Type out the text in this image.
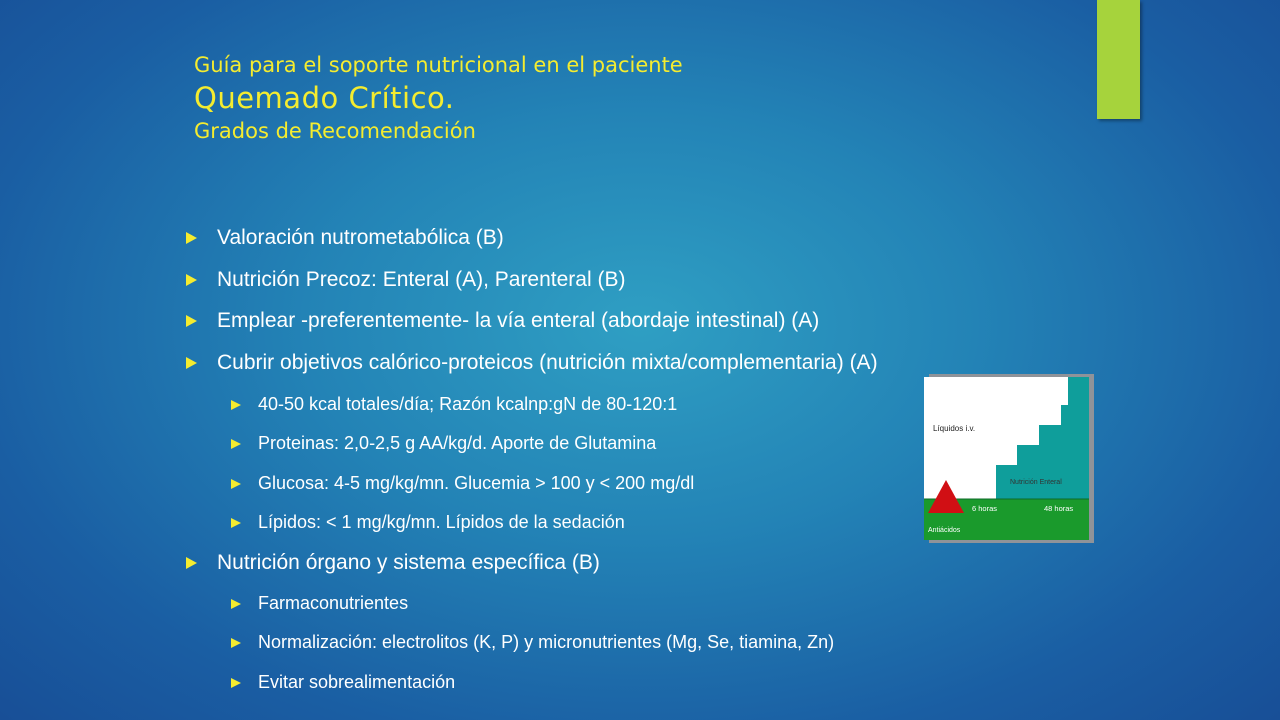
Guía para el soporte nutricional en el paciente
Quemado Crítico.
Grados de Recomendación
Valoración nutrometabólica (B)
Nutrición Precoz: Enteral (A), Parenteral (B)
Emplear -preferentemente- la vía enteral (abordaje intestinal) (A)
Cubrir objetivos calórico-proteicos (nutrición mixta/complementaria) (A)
40-50 kcal totales/día; Razón kcalnp:gN de 80-120:1
Proteinas: 2,0-2,5 g AA/kg/d. Aporte de Glutamina
Glucosa: 4-5 mg/kg/mn. Glucemia > 100 y < 200 mg/dl
Lípidos: < 1 mg/kg/mn. Lípidos de la sedación
Nutrición órgano y sistema específica (B)
Farmaconutrientes
Normalización: electrolitos (K, P) y micronutrientes (Mg, Se, tiamina, Zn)
Evitar sobrealimentación
Líquidos i.v.
Nutrición Enteral
6 horas	48 horas
Antiácidos
